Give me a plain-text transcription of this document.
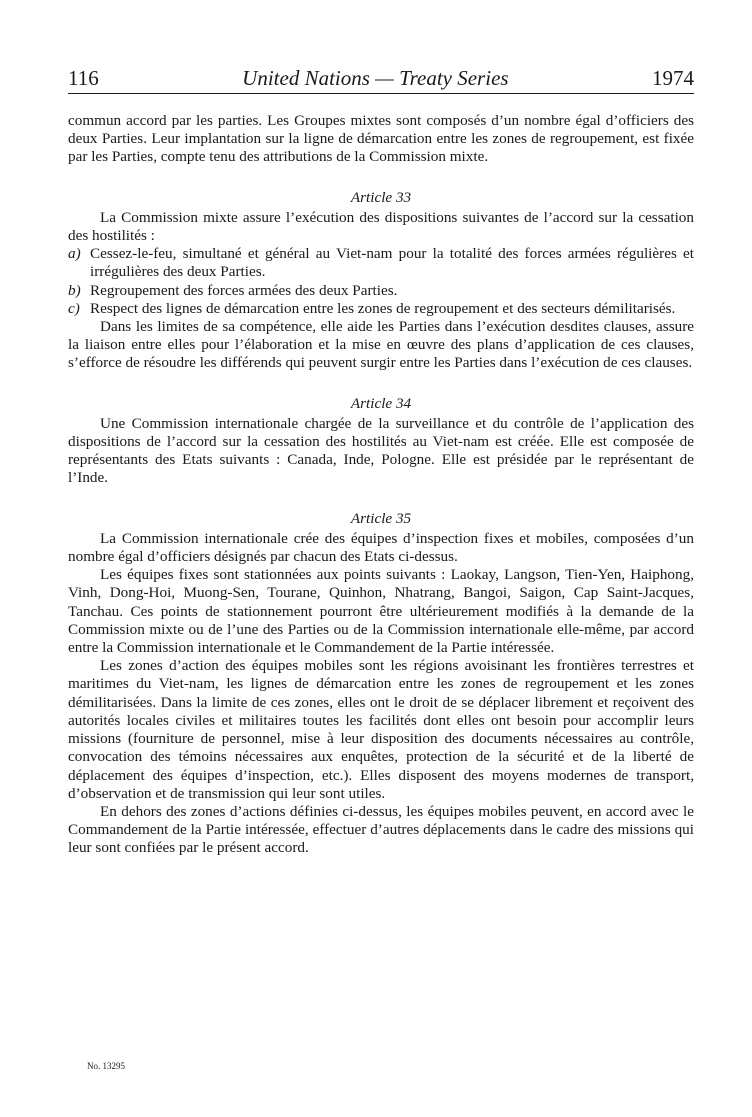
116	United Nations — Treaty Series	1974

commun accord par les parties. Les Groupes mixtes sont composés d’un nombre égal d’officiers des deux Parties. Leur implantation sur la ligne de démarcation entre les zones de regroupement, est fixée par les Parties, compte tenu des attributions de la Commission mixte.

Article 33

La Commission mixte assure l’exécution des dispositions suivantes de l’accord sur la cessation des hostilités :

a) Cessez-le-feu, simultané et général au Viet-nam pour la totalité des forces armées régulières et irrégulières des deux Parties.
b) Regroupement des forces armées des deux Parties.
c) Respect des lignes de démarcation entre les zones de regroupement et des secteurs démilitarisés.

Dans les limites de sa compétence, elle aide les Parties dans l’exécution desdites clauses, assure la liaison entre elles pour l’élaboration et la mise en œuvre des plans d’application de ces clauses, s’efforce de résoudre les différends qui peuvent surgir entre les Parties dans l’exécution de ces clauses.

Article 34

Une Commission internationale chargée de la surveillance et du contrôle de l’application des dispositions de l’accord sur la cessation des hostilités au Viet-nam est créée. Elle est composée de représentants des Etats suivants : Canada, Inde, Pologne. Elle est présidée par le représentant de l’Inde.

Article 35

La Commission internationale crée des équipes d’inspection fixes et mobiles, composées d’un nombre égal d’officiers désignés par chacun des Etats ci-dessus.

Les équipes fixes sont stationnées aux points suivants : Laokay, Langson, Tien-Yen, Haiphong, Vinh, Dong-Hoi, Muong-Sen, Tourane, Quinhon, Nhatrang, Bangoi, Saigon, Cap Saint-Jacques, Tanchau. Ces points de stationnement pourront être ultérieurement modifiés à la demande de la Commission mixte ou de l’une des Parties ou de la Commission internationale elle-même, par accord entre la Commission internationale et le Commandement de la Partie intéressée.

Les zones d’action des équipes mobiles sont les régions avoisinant les frontières terrestres et maritimes du Viet-nam, les lignes de démarcation entre les zones de regroupement et les zones démilitarisées. Dans la limite de ces zones, elles ont le droit de se déplacer librement et reçoivent des autorités locales civiles et militaires toutes les facilités dont elles ont besoin pour accomplir leurs missions (fourniture de personnel, mise à leur disposition des documents nécessaires au contrôle, convocation des témoins nécessaires aux enquêtes, protection de la sécurité et de la liberté de déplacement des équipes d’inspection, etc.). Elles disposent des moyens modernes de transport, d’observation et de transmission qui leur sont utiles.

En dehors des zones d’actions définies ci-dessus, les équipes mobiles peuvent, en accord avec le Commandement de la Partie intéressée, effectuer d’autres déplacements dans le cadre des missions qui leur sont confiées par le présent accord.

No. 13295
